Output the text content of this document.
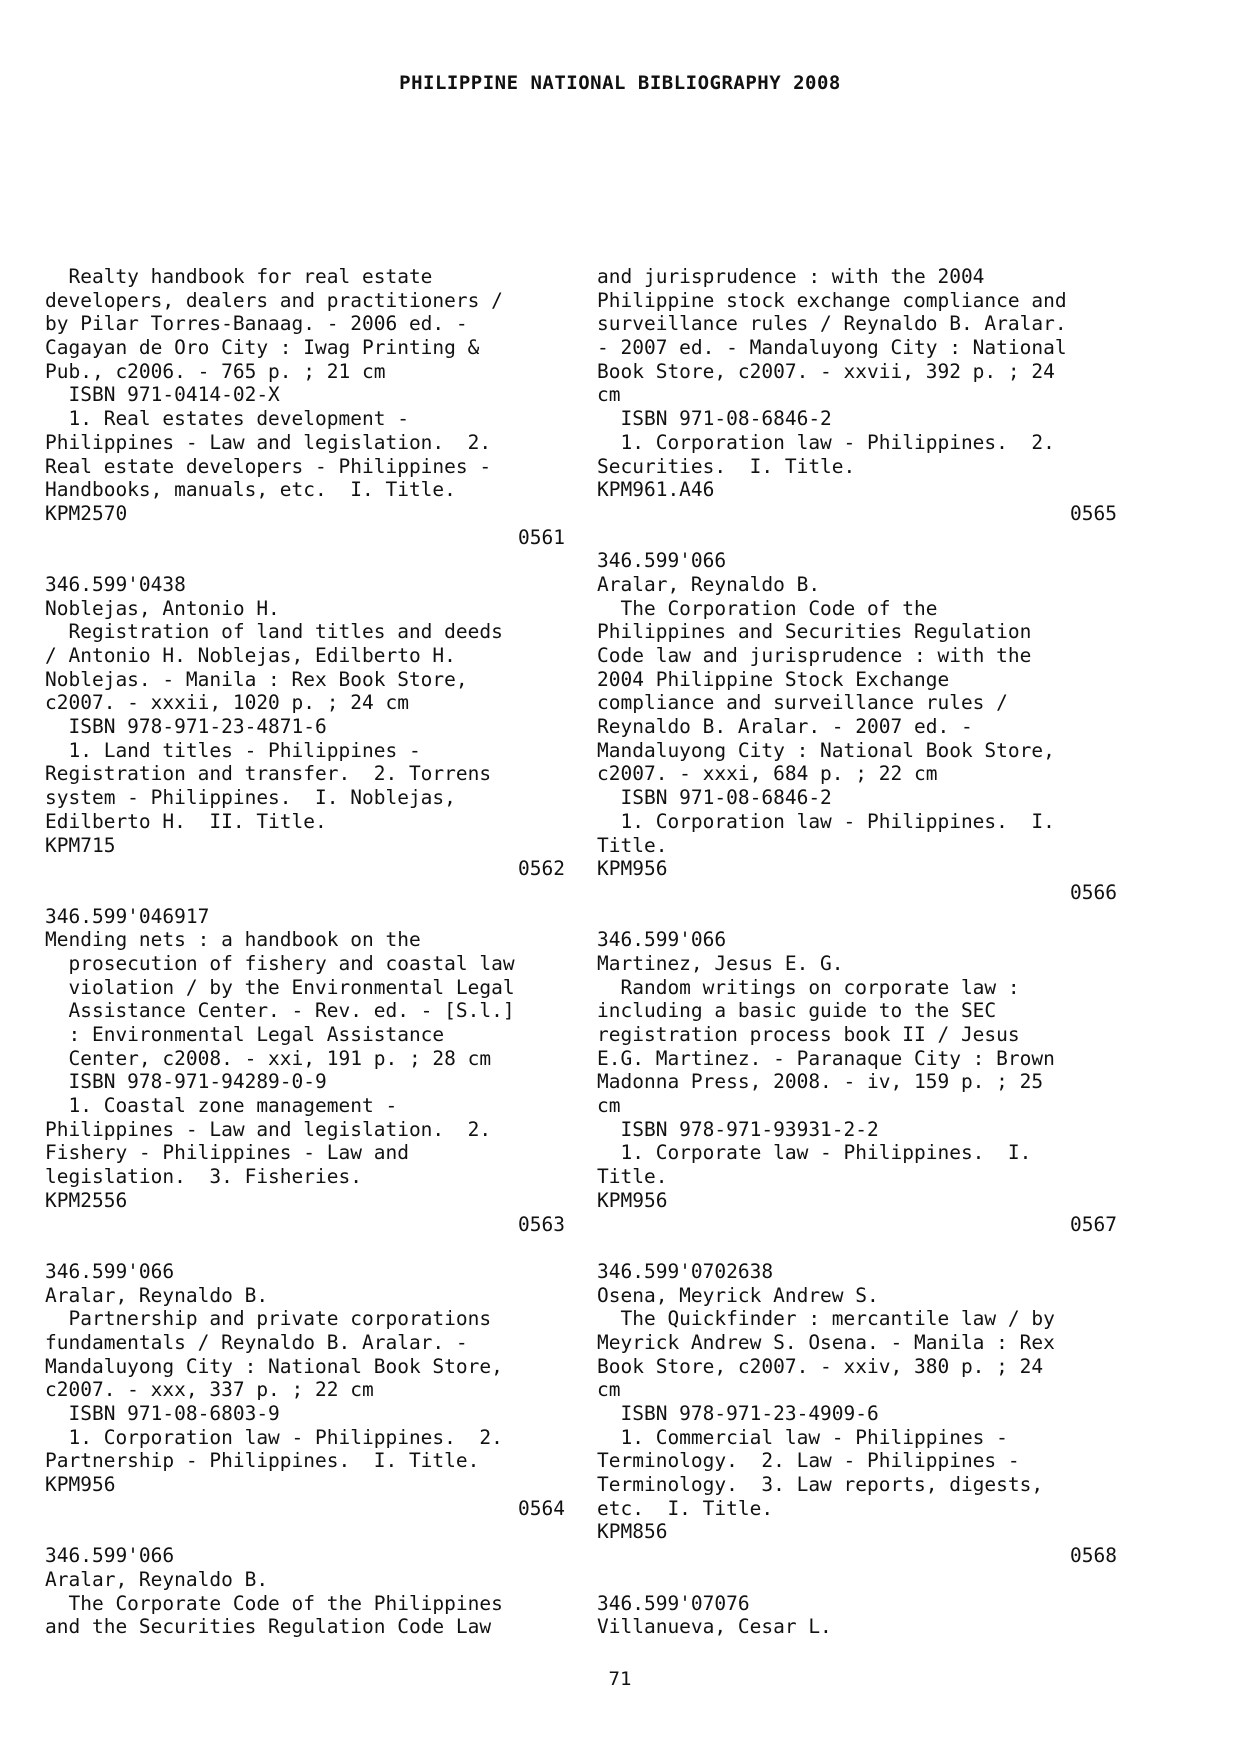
PHILIPPINE NATIONAL BIBLIOGRAPHY 2008
Realty handbook for real estate
developers, dealers and practitioners /
by Pilar Torres-Banaag. - 2006 ed. -
Cagayan de Oro City : Iwag Printing &
Pub., c2006. - 765 p. ; 21 cm
ISBN 971-0414-02-X
1. Real estates development -
Philippines - Law and legislation.  2.
Real estate developers - Philippines -
Handbooks, manuals, etc.  I. Title.
KPM2570
0561
346.599'0438
Noblejas, Antonio H.
Registration of land titles and deeds
/ Antonio H. Noblejas, Edilberto H.
Noblejas. - Manila : Rex Book Store,
c2007. - xxxii, 1020 p. ; 24 cm
ISBN 978-971-23-4871-6
1. Land titles - Philippines -
Registration and transfer.  2. Torrens
system - Philippines.  I. Noblejas,
Edilberto H.  II. Title.
KPM715
0562
346.599'046917
Mending nets : a handbook on the
prosecution of fishery and coastal law
violation / by the Environmental Legal
Assistance Center. - Rev. ed. - [S.l.]
: Environmental Legal Assistance
Center, c2008. - xxi, 191 p. ; 28 cm
ISBN 978-971-94289-0-9
1. Coastal zone management -
Philippines - Law and legislation.  2.
Fishery - Philippines - Law and
legislation.  3. Fisheries.
KPM2556
0563
346.599'066
Aralar, Reynaldo B.
Partnership and private corporations
fundamentals / Reynaldo B. Aralar. -
Mandaluyong City : National Book Store,
c2007. - xxx, 337 p. ; 22 cm
ISBN 971-08-6803-9
1. Corporation law - Philippines.  2.
Partnership - Philippines.  I. Title.
KPM956
0564
346.599'066
Aralar, Reynaldo B.
The Corporate Code of the Philippines
and the Securities Regulation Code Law
and jurisprudence : with the 2004
Philippine stock exchange compliance and
surveillance rules / Reynaldo B. Aralar.
- 2007 ed. - Mandaluyong City : National
Book Store, c2007. - xxvii, 392 p. ; 24
cm
ISBN 971-08-6846-2
1. Corporation law - Philippines.  2.
Securities.  I. Title.
KPM961.A46
0565
346.599'066
Aralar, Reynaldo B.
The Corporation Code of the
Philippines and Securities Regulation
Code law and jurisprudence : with the
2004 Philippine Stock Exchange
compliance and surveillance rules /
Reynaldo B. Aralar. - 2007 ed. -
Mandaluyong City : National Book Store,
c2007. - xxxi, 684 p. ; 22 cm
ISBN 971-08-6846-2
1. Corporation law - Philippines.  I.
Title.
KPM956
0566
346.599'066
Martinez, Jesus E. G.
Random writings on corporate law :
including a basic guide to the SEC
registration process book II / Jesus
E.G. Martinez. - Paranaque City : Brown
Madonna Press, 2008. - iv, 159 p. ; 25
cm
ISBN 978-971-93931-2-2
1. Corporate law - Philippines.  I.
Title.
KPM956
0567
346.599'0702638
Osena, Meyrick Andrew S.
The Quickfinder : mercantile law / by
Meyrick Andrew S. Osena. - Manila : Rex
Book Store, c2007. - xxiv, 380 p. ; 24
cm
ISBN 978-971-23-4909-6
1. Commercial law - Philippines -
Terminology.  2. Law - Philippines -
Terminology.  3. Law reports, digests,
etc.  I. Title.
KPM856
0568
346.599'07076
Villanueva, Cesar L.
71
